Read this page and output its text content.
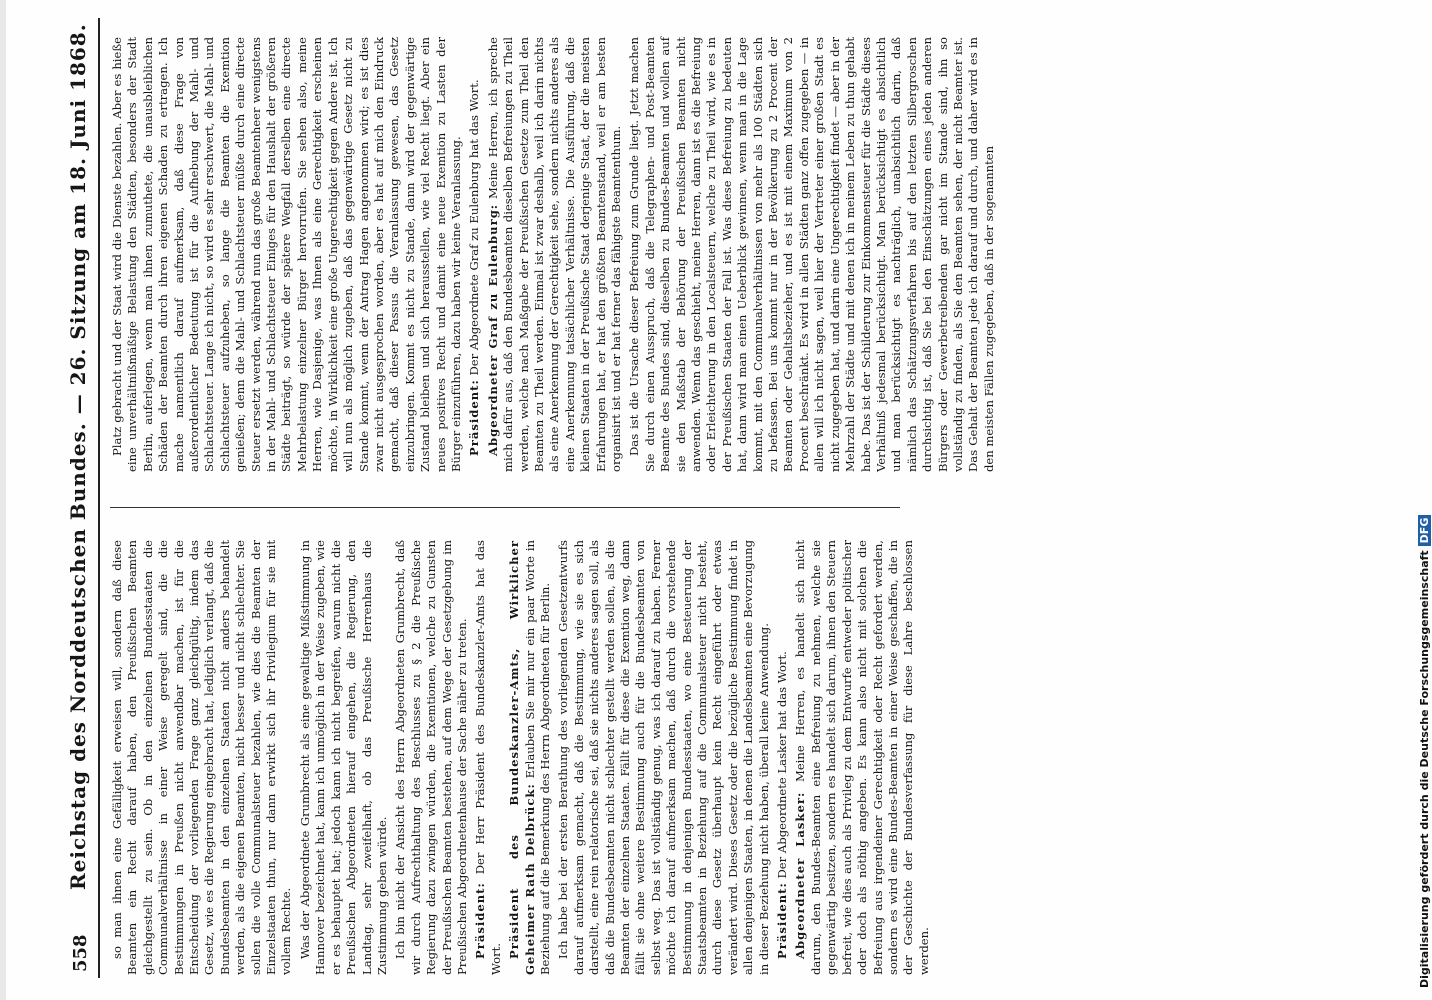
558
Reichstag des Norddeutschen Bundes. — 26. Sitzung am 18. Juni 1868. so man ihnen eine Gefälligkeit erweisen will, sondern daß diese Beamten ein Recht darauf haben, den Preußischen Beamten gleichgestellt zu sein. Ob in den einzelnen Bundesstaaten die Communalverhältnisse in einer Weise geregelt sind, die die Bestimmungen in Preußen nicht anwendbar machen, ist für die Entscheidung der vorliegenden Frage ganz gleichgültig, indem das Gesetz, wie es die Regierung eingebracht hat, lediglich verlangt, daß die Bundesbeamten in den einzelnen Staaten nicht anders behandelt werden, als die eigenen Beamten, nicht besser und nicht schlechter. Sie sollen die volle Communalsteuer bezahlen, wie dies die Beamten der Einzelstaaten thun, nur dann erwirkt sich ihr Privilegium für sie mit vollem Rechte. Was der Abgeordnete Grumbrecht als eine gewaltige Mißstimmung in Hannover bezeichnet hat, kann ich unmöglich in der Weise zugeben, wie er es behauptet hat; jedoch kann ich nicht begreifen, warum nicht die Preußischen Abgeordneten hierauf eingehen, die Regierung, den Landtag, sehr zweifelhaft, ob das Preußische Herrenhaus die Zustimmung geben würde. Ich bin nicht der Ansicht des Herrn Abgeordneten Grumbrecht, daß wir durch Aufrechthaltung des Beschlusses zu § 2 die Preußische Regierung dazu zwingen würden, die Exemtionen, welche zu Gunsten der Preußischen Beamten bestehen, auf dem Wege der Gesetzgebung im Preußischen Abgeordnetenhause der Sache näher zu treten. Präsident: Der Herr Präsident des Bundeskanzler-Amts hat das Wort. Präsident des Bundeskanzler-Amts, Wirklicher Geheimer Rath Delbrück: Erlauben Sie mir nur ein paar Worte in Beziehung auf die Bemerkung des Herrn Abgeordneten für Berlin. Ich habe bei der ersten Berathung des vorliegenden Gesetzentwurfs darauf aufmerksam gemacht, daß die Bestimmung, wie sie es sich darstellt, eine rein relatorische sei, daß sie nichts anderes sagen soll, als daß die Bundesbeamten nicht schlechter gestellt werden sollen, als die Beamten der einzelnen Staaten. Fällt für diese die Exemtion weg, dann fällt sie ohne weitere Bestimmung auch für die Bundesbeamten von selbst weg. Das ist vollständig genug, was ich darauf zu haben. Ferner möchte ich darauf aufmerksam machen, daß durch die vorstehende Bestimmung in denjenigen Bundesstaaten, wo eine Besteuerung der Staatsbeamten in Beziehung auf die Communalsteuer nicht besteht, durch diese Gesetz überhaupt kein Recht eingeführt oder etwas verändert wird. Dieses Gesetz oder die bezügliche Bestimmung findet in allen denjenigen Staaten, in denen die Landesbeamten eine Bevorzugung in dieser Beziehung nicht haben, überall keine Anwendung. Präsident: Der Abgeordnete Lasker hat das Wort. Abgeordneter Lasker: Meine Herren, es handelt sich nicht darum, den Bundes-Beamten eine Befreiung zu nehmen, welche sie gegenwärtig besitzen, sondern es handelt sich darum, ihnen den Steuern befreit, wie dies auch als Privileg zu dem Entwurfe entweder politischer oder doch als nöthig angeben. Es kann also nicht mit solchen die Befreiung aus irgendeiner Gerechtigkeit oder Recht gefordert werden, sondern es wird eine Bundes-Beamten in einer Weise geschaffen, die in der Geschichte der Bundesverfassung für diese Lahre beschlossen werden.

Platz gebracht und der Staat wird die Dienste bezahlen. Aber es hieße eine unverhältnißmäßige Belastung den Städten, besonders der Stadt Berlin, auferlegen, wenn man ihnen zumuthete, die unausbleiblichen Schäden der Beamten durch ihren eigenen Schaden zu ertragen. Ich mache namentlich darauf aufmerksam, daß diese Frage von außerordentlicher Bedeutung ist für die Aufhebung der Mahl- und Schlachtsteuer. Lange ich nicht, so wird es sehr erschwert, die Mahl- und Schlachtsteuer aufzuheben, so lange die Beamten die Exemtion genießen; denn die Mahl- und Schlachtsteuer müßte durch eine directe Steuer ersetzt werden, während nun das große Beamtenheer wenigstens in der Mahl- und Schlachtsteuer Einiges für den Haushalt der größeren Städte beiträgt, so würde der spätere Wegfall derselben eine directe Mehrbelastung einzelner Bürger hervorrufen. Sie sehen also, meine Herren, wie Dasjenige, was Ihnen als eine Gerechtigkeit erscheinen möchte, in Wirklichkeit eine große Ungerechtigkeit gegen Andere ist. Ich will nun als möglich zugeben, daß das gegenwärtige Gesetz nicht zu Stande kommt, wenn der Antrag Hagen angenommen wird; es ist dies zwar nicht ausgesprochen worden, aber es hat auf mich den Eindruck gemacht, daß dieser Passus die Veranlassung gewesen, das Gesetz einzubringen. Kommt es nicht zu Stande, dann wird der gegenwärtige Zustand bleiben und sich herausstellen, wie viel Recht liegt. Aber ein neues positives Recht und damit eine neue Exemtion zu Lasten der Bürger einzuführen, dazu haben wir keine Veranlassung. Präsident: Der Abgeordnete Graf zu Eulenburg hat das Wort. Abgeordneter Graf zu Eulenburg: Meine Herren, ich spreche mich dafür aus, daß den Bundesbeamten dieselben Befreiungen zu Theil werden, welche nach Maßgabe der Preußischen Gesetze zum Theil den Beamten zu Theil werden. Einmal ist zwar deshalb, weil ich darin nichts als eine Anerkennung der Gerechtigkeit sehe, sondern nichts anderes als eine Anerkennung tatsächlicher Verhältnisse. Die Ausführung, daß die kleinen Staaten in der Preußische Staat derjenige Staat, der die meisten Erfahrungen hat, er hat den größten Beamtenstand, weil er am besten organisirt ist und er hat ferner das fähigste Beamtenthum. Das ist die Ursache dieser Befreiung zum Grunde liegt. Jetzt machen Sie durch einen Ausspruch, daß die Telegraphen- und Post-Beamten Beamte des Bundes sind, dieselben zu Bundes-Beamten und wollen auf sie den Maßstab der Behörung der Preußischen Beamten nicht anwenden. Wenn das geschieht, meine Herren, dann ist es die Befreiung oder Erleichterung in den Localsteuern, welche zu Theil wird, wie es in der Preußischen Staaten der Fall ist. Was diese Befreiung zu bedeuten hat, dann wird man einen Ueberblick gewinnen, wenn man in die Lage kommt, mit den Communalverhältnissen von mehr als 100 Städten sich zu befassen. Bei uns kommt nur in der Bevölkerung zu 2 Procent der Beamten oder Gehaltsbezieher, und es ist mit einem Maximum von 2 Procent beschränkt. Es wird in allen Städten ganz offen zugegeben — in allen will ich nicht sagen, weil hier der Vertreter einer großen Stadt es nicht zugegeben hat, und darin eine Ungerechtigkeit findet — aber in der Mehrzahl der Städte und mit denen ich in meinem Leben zu thun gehabt habe. Das ist der Schilderung zur Einkommensteuer für die Städte dieses Verhältniß jedesmal berücksichtigt. Man berücksichtigt es absichtlich und man berücksichtigt es nachträglich, unabsichtlich darin, daß nämlich das Schätzungsverfahren bis auf den letzten Silbergroschen durchsichtig ist, daß Sie bei den Einschätzungen eines jeden anderen Bürgers oder Gewerbetreibenden gar nicht im Stande sind, ihn so vollständig zu finden, als Sie den Beamten sehen, der nicht Beamter ist. Das Gehalt der Beamten jede ich darauf und durch, und daher wird es in den meisten Fällen zugegeben, daß in der sogenannten

Digitalisierung gefördert durch die Deutsche ForschungsgemeinschaftDFG
